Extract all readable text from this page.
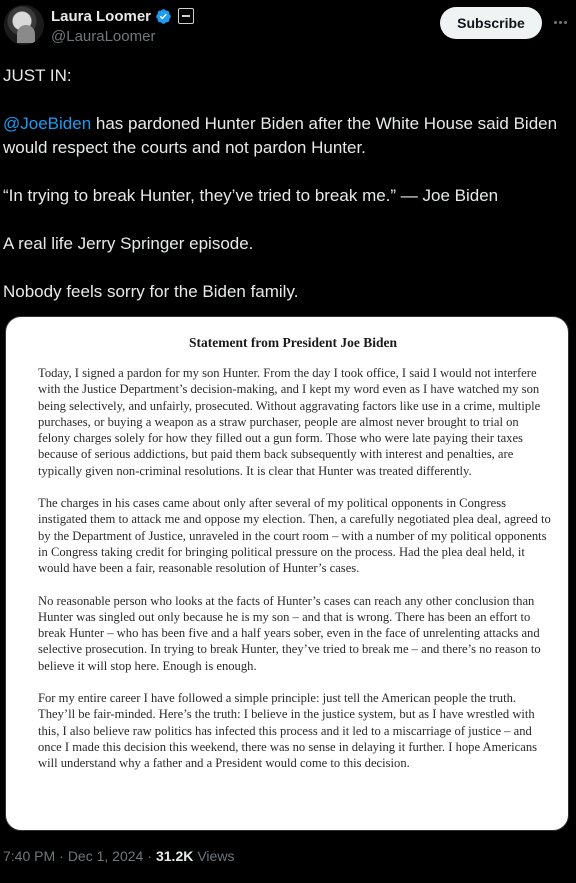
Laura Loomer
@LauraLoomer
Subscribe

JUST IN:

@JoeBiden has pardoned Hunter Biden after the White House said Biden would respect the courts and not pardon Hunter.

“In trying to break Hunter, they’ve tried to break me.” — Joe Biden

A real life Jerry Springer episode.

Nobody feels sorry for the Biden family.

Statement from President Joe Biden

Today, I signed a pardon for my son Hunter. From the day I took office, I said I would not interfere with the Justice Department’s decision-making, and I kept my word even as I have watched my son being selectively, and unfairly, prosecuted. Without aggravating factors like use in a crime, multiple purchases, or buying a weapon as a straw purchaser, people are almost never brought to trial on felony charges solely for how they filled out a gun form. Those who were late paying their taxes because of serious addictions, but paid them back subsequently with interest and penalties, are typically given non-criminal resolutions. It is clear that Hunter was treated differently.

The charges in his cases came about only after several of my political opponents in Congress instigated them to attack me and oppose my election. Then, a carefully negotiated plea deal, agreed to by the Department of Justice, unraveled in the court room – with a number of my political opponents in Congress taking credit for bringing political pressure on the process. Had the plea deal held, it would have been a fair, reasonable resolution of Hunter’s cases.

No reasonable person who looks at the facts of Hunter’s cases can reach any other conclusion than Hunter was singled out only because he is my son – and that is wrong. There has been an effort to break Hunter – who has been five and a half years sober, even in the face of unrelenting attacks and selective prosecution. In trying to break Hunter, they’ve tried to break me – and there’s no reason to believe it will stop here. Enough is enough.

For my entire career I have followed a simple principle: just tell the American people the truth. They’ll be fair-minded. Here’s the truth: I believe in the justice system, but as I have wrestled with this, I also believe raw politics has infected this process and it led to a miscarriage of justice – and once I made this decision this weekend, there was no sense in delaying it further. I hope Americans will understand why a father and a President would come to this decision.

7:40 PM · Dec 1, 2024 · 31.2K Views
